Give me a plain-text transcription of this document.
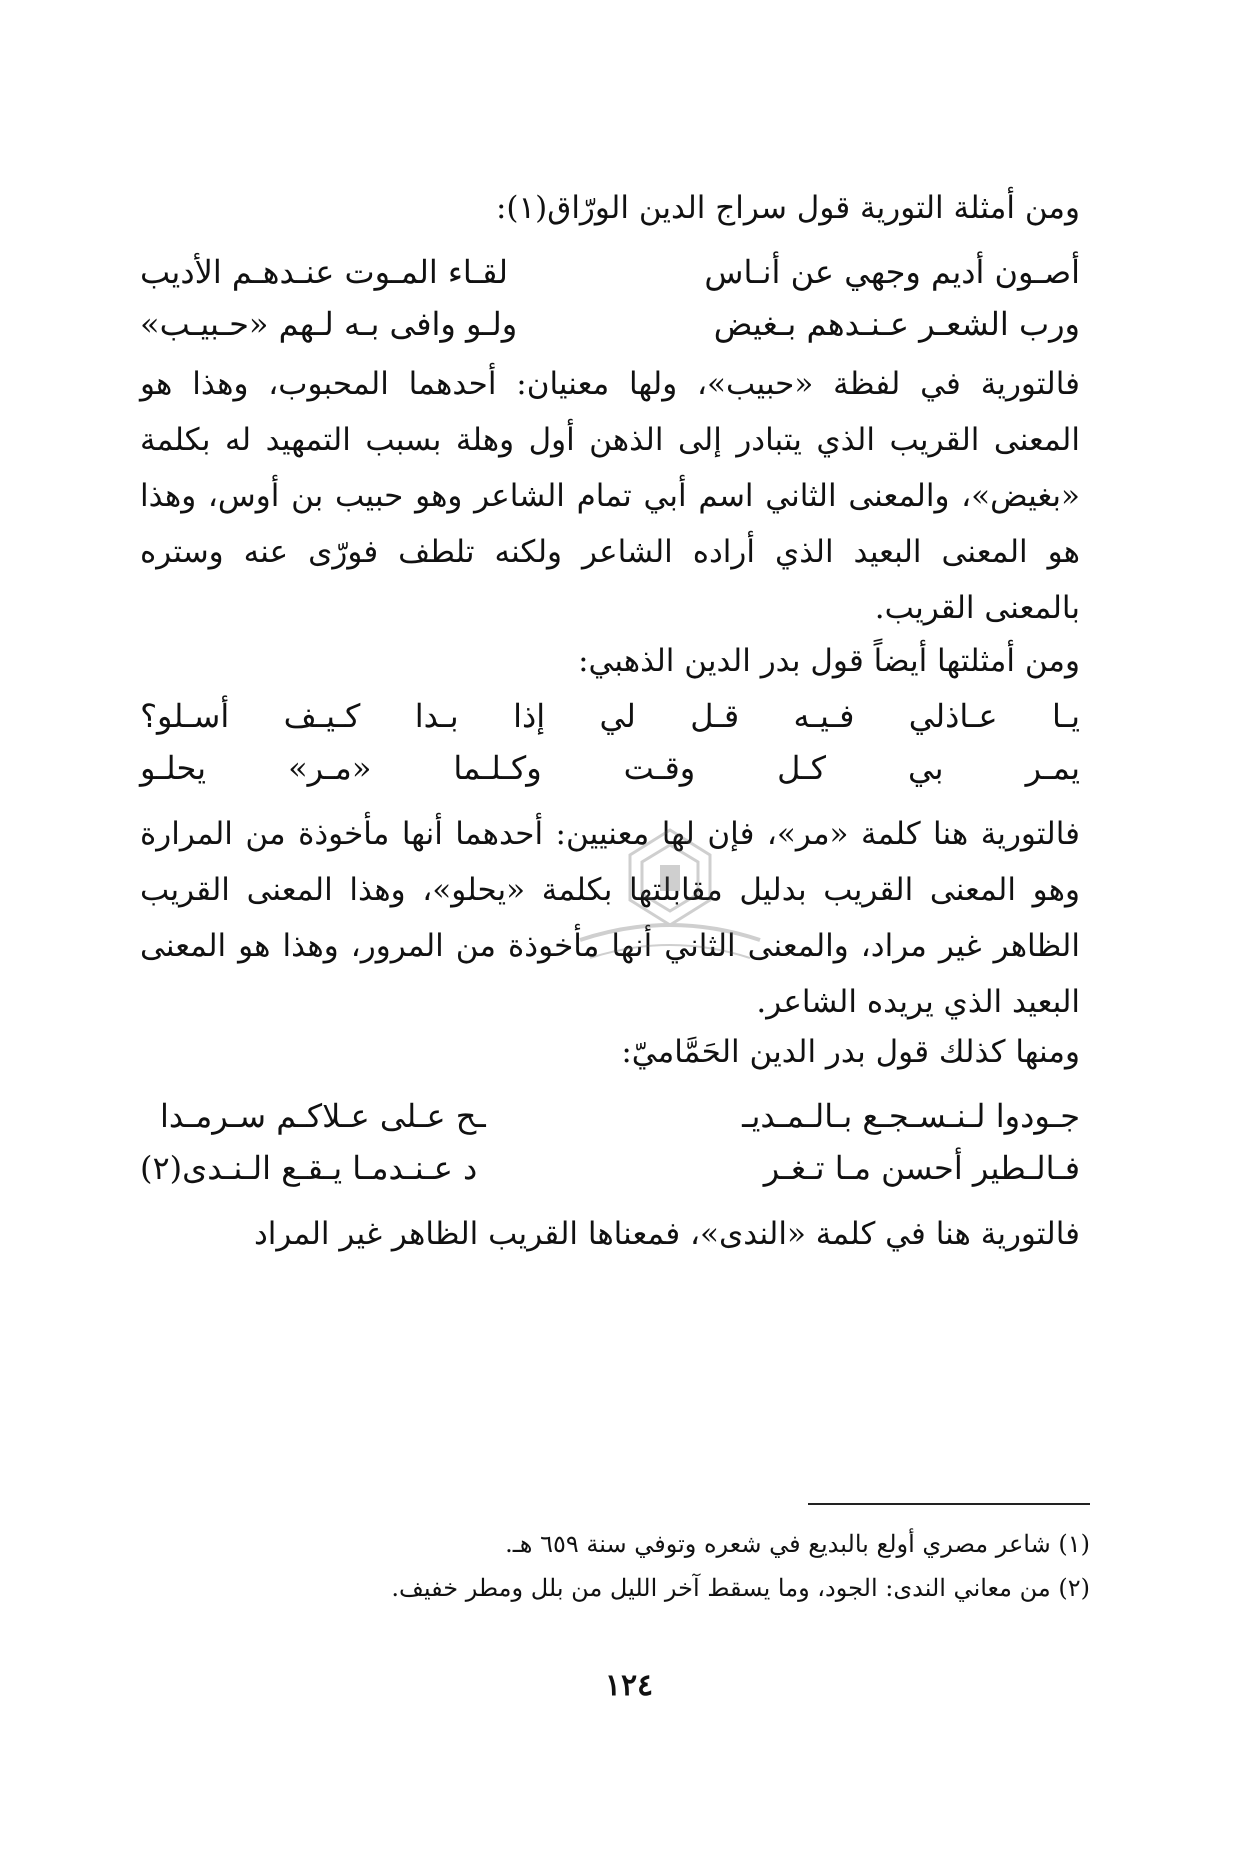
ومن أمثلة التورية قول سراج الدين الورّاق(١):
أصـون أديم وجهي عن أنـاس
لقـاء المـوت عنـدهـم الأديب
ورب الشعـر عـنـدهم بـغيض
ولـو وافى بـه لـهم «حـبيـب»
فالتورية في لفظة «حبيب»، ولها معنيان: أحدهما المحبوب، وهذا هو المعنى القريب الذي يتبادر إلى الذهن أول وهلة بسبب التمهيد له بكلمة «بغيض»، والمعنى الثاني اسم أبي تمام الشاعر وهو حبيب بن أوس، وهذا هو المعنى البعيد الذي أراده الشاعر ولكنه تلطف فورّى عنه وستره بالمعنى القريب.
ومن أمثلتها أيضاً قول بدر الدين الذهبي:
يـا
عـاذلي
فـيـه
قـل
لي
إذا
بـدا
كـيـف
أسـلو؟
يمـر
بي
كـل
وقـت
وكـلـما
«مـر»
يحلـو
فالتورية هنا كلمة «مر»، فإن لها معنيين: أحدهما أنها مأخوذة من المرارة وهو المعنى القريب بدليل مقابلتها بكلمة «يحلو»، وهذا المعنى القريب الظاهر غير مراد، والمعنى الثاني أنها مأخوذة من المرور، وهذا هو المعنى البعيد الذي يريده الشاعر.
ومنها كذلك قول بدر الدين الحَمَّاميّ:
جـودوا لـنـسـجـع بـالـمـديـ
ـح عـلى عـلاكـم سـرمـدا
فـالـطير أحسن مـا تـغـر
د عـنـدمـا يـقـع الـنـدى(٢)
فالتورية هنا في كلمة «الندى»، فمعناها القريب الظاهر غير المراد
(١) شاعر مصري أولع بالبديع في شعره وتوفي سنة ٦٥٩ هـ.
(٢) من معاني الندى: الجود، وما يسقط آخر الليل من بلل ومطر خفيف.
١٢٤
